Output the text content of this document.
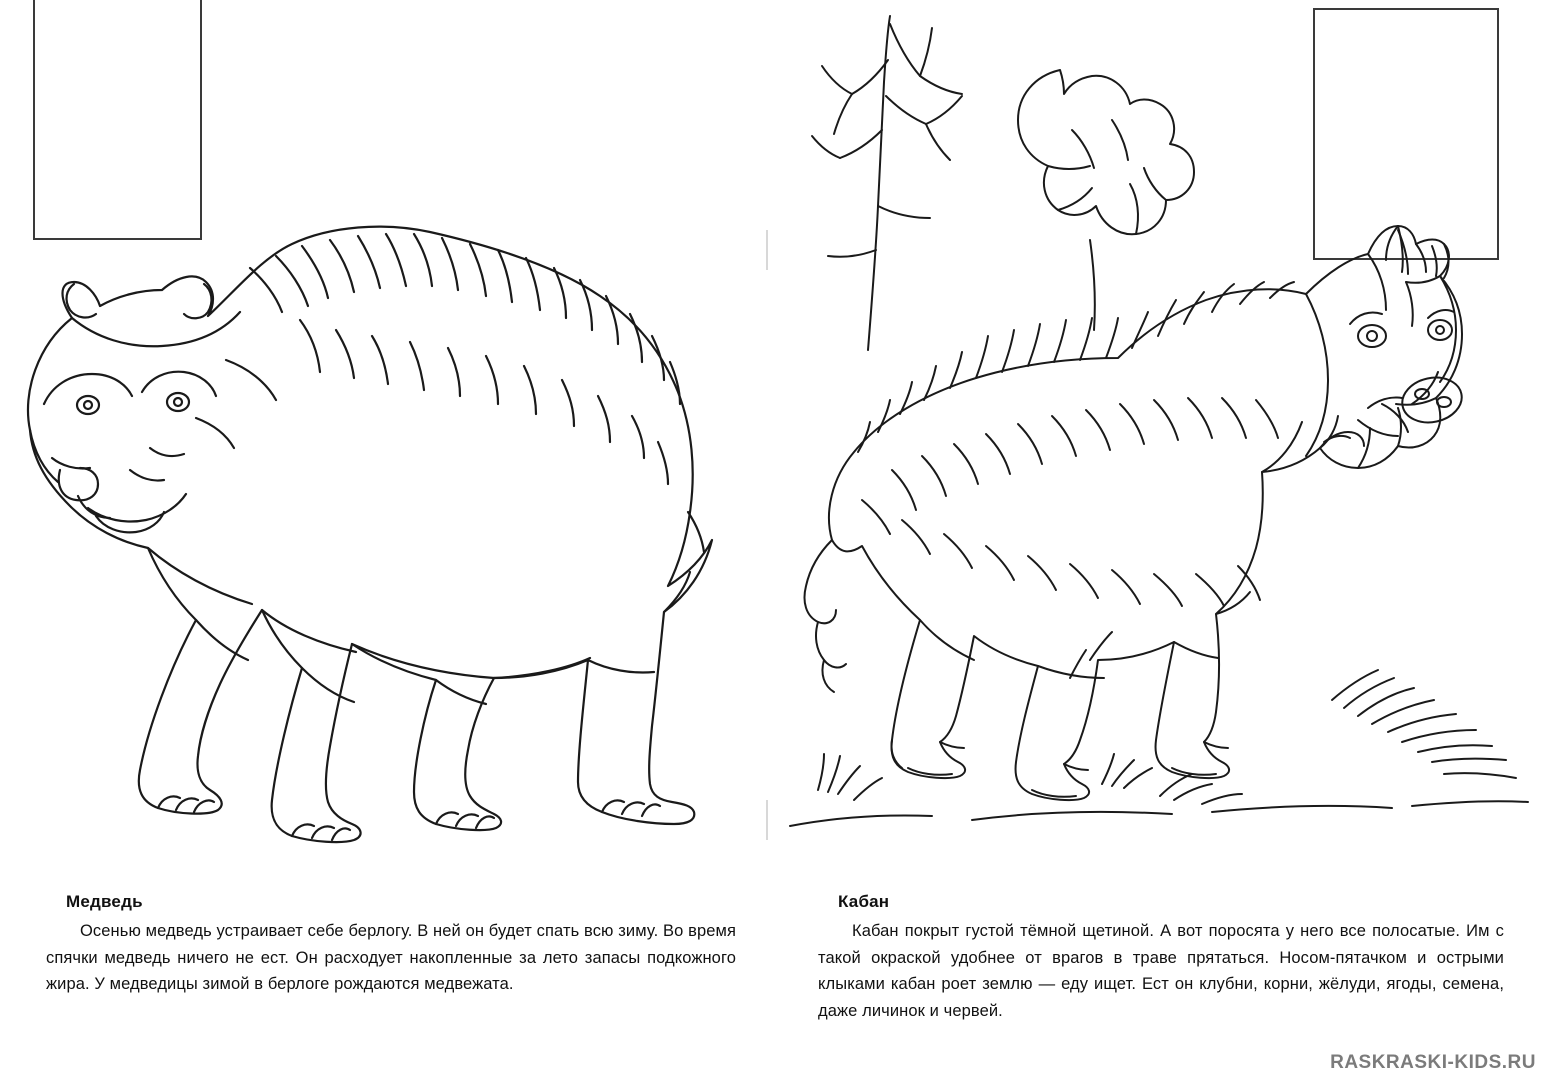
Медведь

Осенью медведь устраивает себе берлогу. В ней он будет спать всю зиму. Во время спячки медведь ничего не ест. Он расходует накопленные за лето запасы подкожного жира. У медведицы зимой в берлоге рождаются медвежата.

Кабан

Кабан покрыт густой тёмной щетиной. А вот поросята у него все полосатые. Им с такой окраской удобнее от врагов в траве прятаться. Носом-пятачком и острыми клыками кабан роет землю — еду ищет. Ест он клубни, корни, жёлуди, ягоды, семена, даже личинок и червей.

RASKRASKI-KIDS.RU
